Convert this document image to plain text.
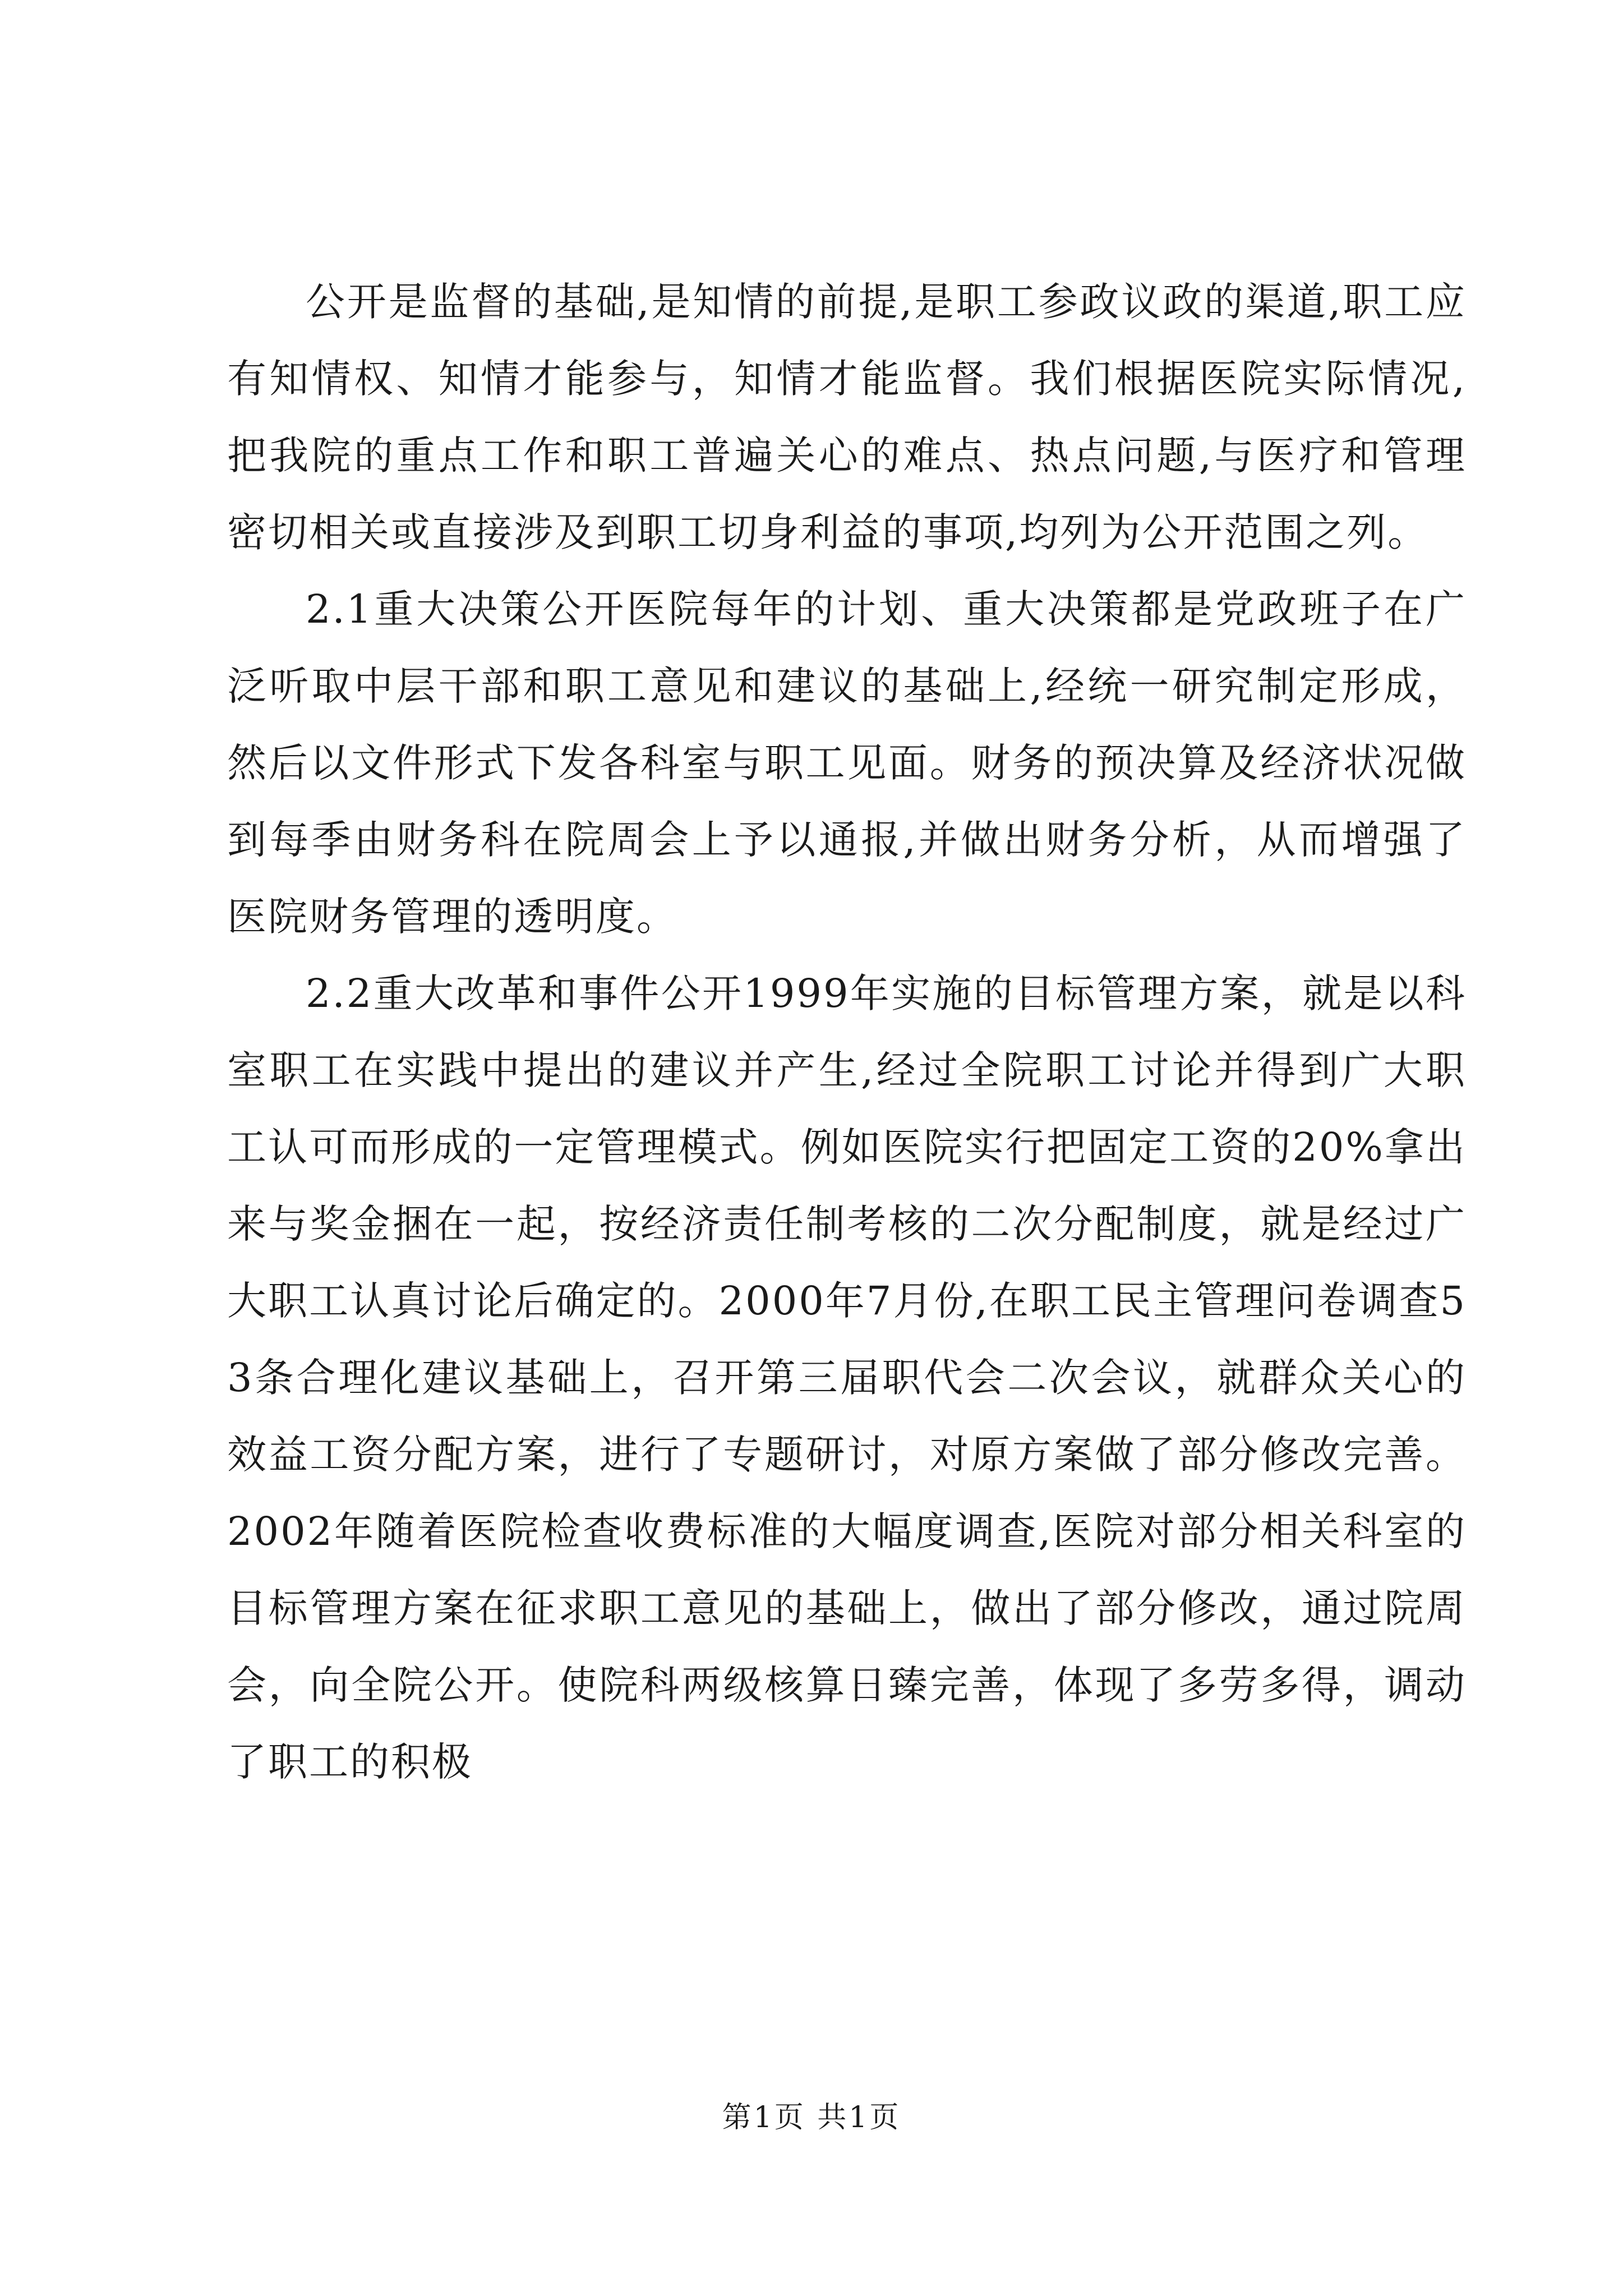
公开是监督的基础,是知情的前提,是职工参政议政的渠道,职工应有知情权、知情才能参与，知情才能监督。我们根据医院实际情况,把我院的重点工作和职工普遍关心的难点、热点问题,与医疗和管理密切相关或直接涉及到职工切身利益的事项,均列为公开范围之列。

2.1重大决策公开医院每年的计划、重大决策都是党政班子在广泛听取中层干部和职工意见和建议的基础上,经统一研究制定形成，然后以文件形式下发各科室与职工见面。财务的预决算及经济状况做到每季由财务科在院周会上予以通报,并做出财务分析，从而增强了医院财务管理的透明度。

2.2重大改革和事件公开1999年实施的目标管理方案，就是以科室职工在实践中提出的建议并产生,经过全院职工讨论并得到广大职工认可而形成的一定管理模式。例如医院实行把固定工资的20%拿出来与奖金捆在一起，按经济责任制考核的二次分配制度，就是经过广大职工认真讨论后确定的。2000年7月份,在职工民主管理问卷调查53条合理化建议基础上，召开第三届职代会二次会议，就群众关心的效益工资分配方案，进行了专题研讨，对原方案做了部分修改完善。2002年随着医院检查收费标准的大幅度调查,医院对部分相关科室的目标管理方案在征求职工意见的基础上，做出了部分修改，通过院周会，向全院公开。使院科两级核算日臻完善，体现了多劳多得，调动了职工的积极

第1页 共1页
